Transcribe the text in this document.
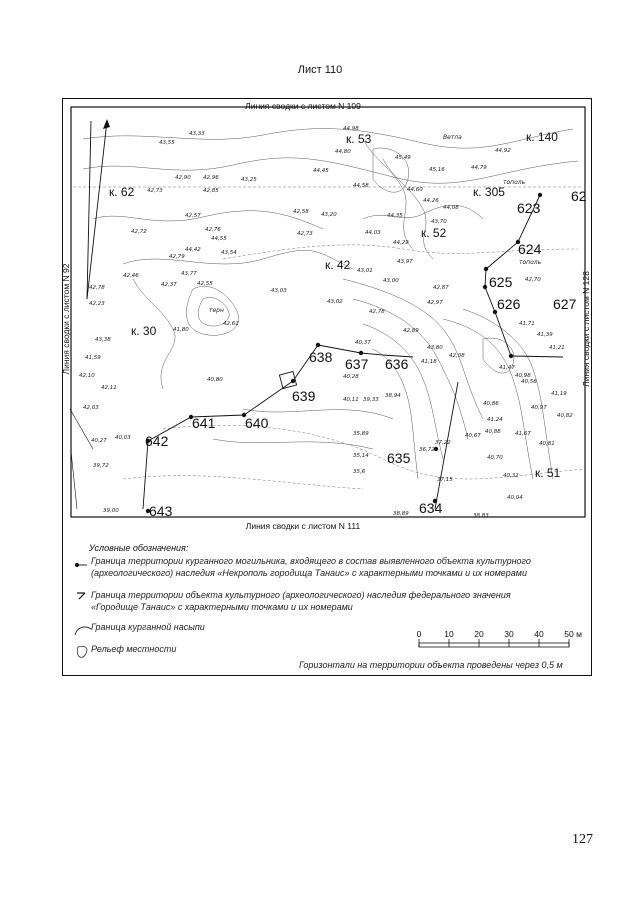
Лист 110
Линия сводки с листом N 109
Линия сводки с листом N 111
Линия сводки с листом N 92	Линия сводки с листом N 128
к. 53	к. 140
к. 62	к. 305
к. 52
к. 42
к. 30
к. 51
623
624
625
626 627
636
637
638
639
640
641
642
643
635
634
62
тополь
тополь
терн
Ветла
43,33
42,90 42,96
43,55
42,73	42,85
43,25
42,57
42,72	42,76
44,55
44,42	43,54
43,77
42,46
42,78
42,23
42,37
42,79
42,55
43,03
42,61
43,38
41,80
41,59
42,10
42,11
42,03
40,80
40,27 40,03
39,72
39,00
44,98
44,80
45,49
45,16	44,79
44,92
44,45
44,58
44,60
44,26
44,08
44,35
44,03
44,29
43,97
43,00
42,58 43,20
42,73
43,02
42,78
42,89
40,37
40,28
40,11 39,33
38,94
42,87
42,97
42,70
43,80
41,18
42,08
41,39
41,21
40,56
40,86
41,24
41,19
40,88
40,97
40,82
40,70
40,32
40,04
38,83
38,89
37,15
37,22
36,72
35,89
35,6
35,14
41,47
41,71
40,98
40,67	41,67
40,81
43,70
43,01
0	10 20 30 40 50 м
Условные обозначения:
Граница территории курганного могильника, входящего в состав выявленного объекта культурного (археологического) наследия «Некрополь городища Танаис» с характерными точками и их номерами
Граница территории объекта культурного (археологического) наследия федерального значения «Городище Танаис» с характерными точками и их номерами
Граница курганной насыпи
Рельеф местности
Горизонтали на территории объекта проведены через 0,5 м
127
